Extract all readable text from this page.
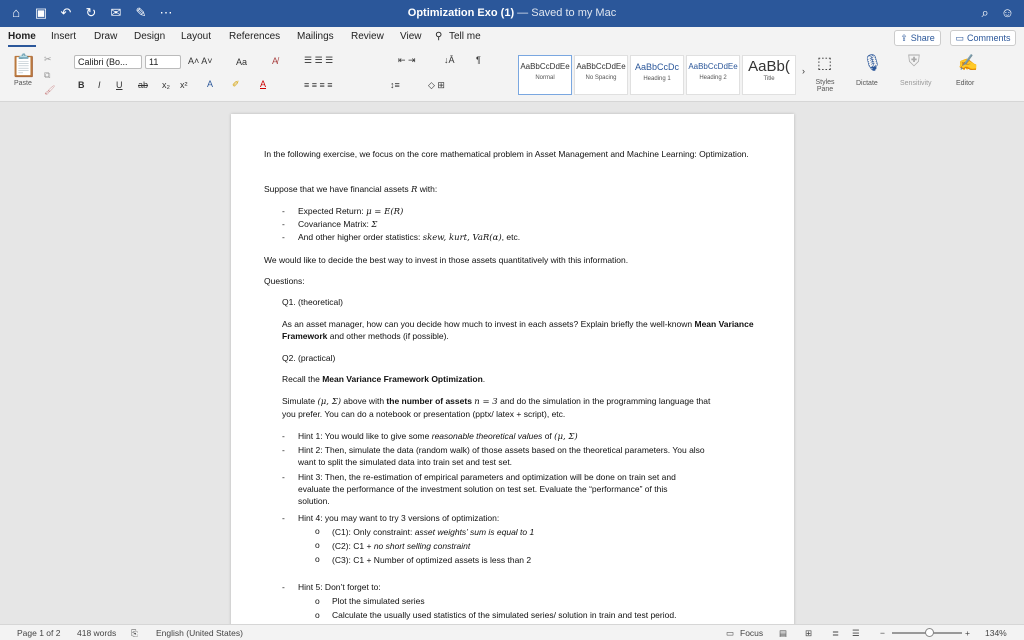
⌂	▣ ↶ ↻ ✉ ✎ ⋯	Optimization Exo (1) — Saved to my Mac	⌕ ☺
Home Insert Draw Design Layout References Mailings Review View ⚲ Tell me	⇪ Share ▭ Comments
📋
Paste
✂
⧉
🖌
Calibri (Bo...	11	A˄ A˅	Aa	A̸
B I U ab x₂ x² A ✐ A
☰ ☰ ☰	⇤ ⇥	↓Ā ¶
≡ ≡ ≡ ≡	↕≡	◇ ⊞
AaBbCcDdEe
Normal
AaBbCcDdEe
No Spacing
AaBbCcDc
Heading 1
AaBbCcDdEe
Heading 2
AaBb(
Title
› ⬚
Styles Pane
🎙
Dictate
⛨
Sensitivity
✍
Editor
In the following exercise, we focus on the core mathematical problem in Asset Management and Machine Learning: Optimization.
Suppose that we have financial assets R with:
- Expected Return: μ = E(R)
- Covariance Matrix: Σ
- And other higher order statistics: skew, kurt, VaR(α), etc.
We would like to decide the best way to invest in those assets quantitatively with this information.
Questions:
Q1. (theoretical)
As an asset manager, how can you decide how much to invest in each assets? Explain briefly the well-known Mean Variance Framework and other methods (if possible).
Q2. (practical)
Recall the Mean Variance Framework Optimization.
Simulate (μ, Σ) above with the number of assets n = 3 and do the simulation in the programming language that
you prefer. You can do a notebook or presentation (pptx/ latex + script), etc.
- Hint 1: You would like to give some reasonable theoretical values of (μ, Σ)
- Hint 2: Then, simulate the data (random walk) of those assets based on the theoretical parameters. You also
want to split the simulated data into train set and test set.
- Hint 3: Then, the re-estimation of empirical parameters and optimization will be done on train set and
evaluate the performance of the investment solution on test set. Evaluate the “performance” of this
solution.
- Hint 4: you may want to try 3 versions of optimization:
o (C1): Only constraint: asset weights’ sum is equal to 1
o (C2): C1 + no short selling constraint
o (C3): C1 + Number of optimized assets is less than 2
- Hint 5: Don’t forget to:
o Plot the simulated series
o Calculate the usually used statistics of the simulated series/ solution in train and test period.
Page 1 of 2 418 words ⎘ English (United States)	▭ Focus ▤ ⊞ ≣ ☰ −	+ 134%
